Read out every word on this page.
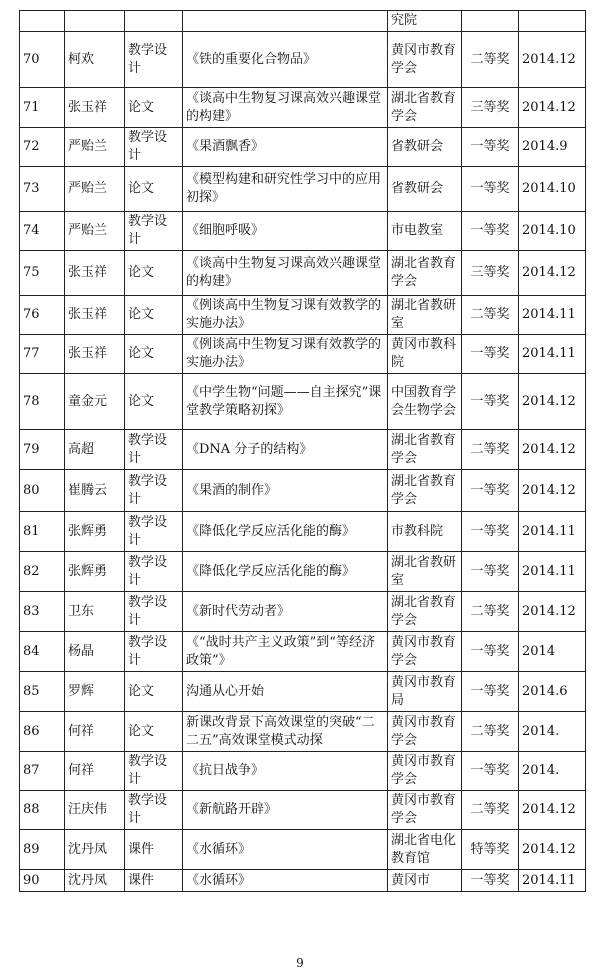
				究院		
70	柯欢	教学设计	《铁的重要化合物品》	黄冈市教育学会	二等奖	2014.12
71	张玉祥	论文	《谈高中生物复习课高效兴趣课堂的构建》	湖北省教育学会	三等奖	2014.12
72	严贻兰	教学设计	《果酒飘香》	省教研会	一等奖	2014.9
73	严贻兰	论文	《模型构建和研究性学习中的应用初探》	省教研会	一等奖	2014.10
74	严贻兰	教学设计	《细胞呼吸》	市电教室	一等奖	2014.10
75	张玉祥	论文	《谈高中生物复习课高效兴趣课堂的构建》	湖北省教育学会	三等奖	2014.12
76	张玉祥	论文	《例谈高中生物复习课有效教学的实施办法》	湖北省教研室	二等奖	2014.11
77	张玉祥	论文	《例谈高中生物复习课有效教学的实施办法》	黄冈市教科院	一等奖	2014.11
78	童金元	论文	《中学生物“问题——自主探究”课堂教学策略初探》	中国教育学会生物学会	一等奖	2014.12
79	高超	教学设计	《DNA 分子的结构》	湖北省教育学会	二等奖	2014.12
80	崔腾云	教学设计	《果酒的制作》	湖北省教育学会	一等奖	2014.12
81	张辉勇	教学设计	《降低化学反应活化能的酶》	市教科院	一等奖	2014.11
82	张辉勇	教学设计	《降低化学反应活化能的酶》	湖北省教研室	一等奖	2014.11
83	卫东	教学设计	《新时代劳动者》	湖北省教育学会	二等奖	2014.12
84	杨晶	教学设计	《“战时共产主义政策”到“等经济政策”》	黄冈市教育学会	一等奖	2014
85	罗辉	论文	沟通从心开始	黄冈市教育局	一等奖	2014.6
86	何祥	论文	新课改背景下高效课堂的突破“二二五”高效课堂模式动探	黄冈市教育学会	二等奖	2014.
87	何祥	教学设计	《抗日战争》	黄冈市教育学会	一等奖	2014.
88	汪庆伟	教学设计	《新航路开辟》	黄冈市教育学会	二等奖	2014.12
89	沈丹凤	课件	《水循环》	湖北省电化教育馆	特等奖	2014.12
90	沈丹凤	课件	《水循环》	黄冈市	一等奖	2014.11
9
